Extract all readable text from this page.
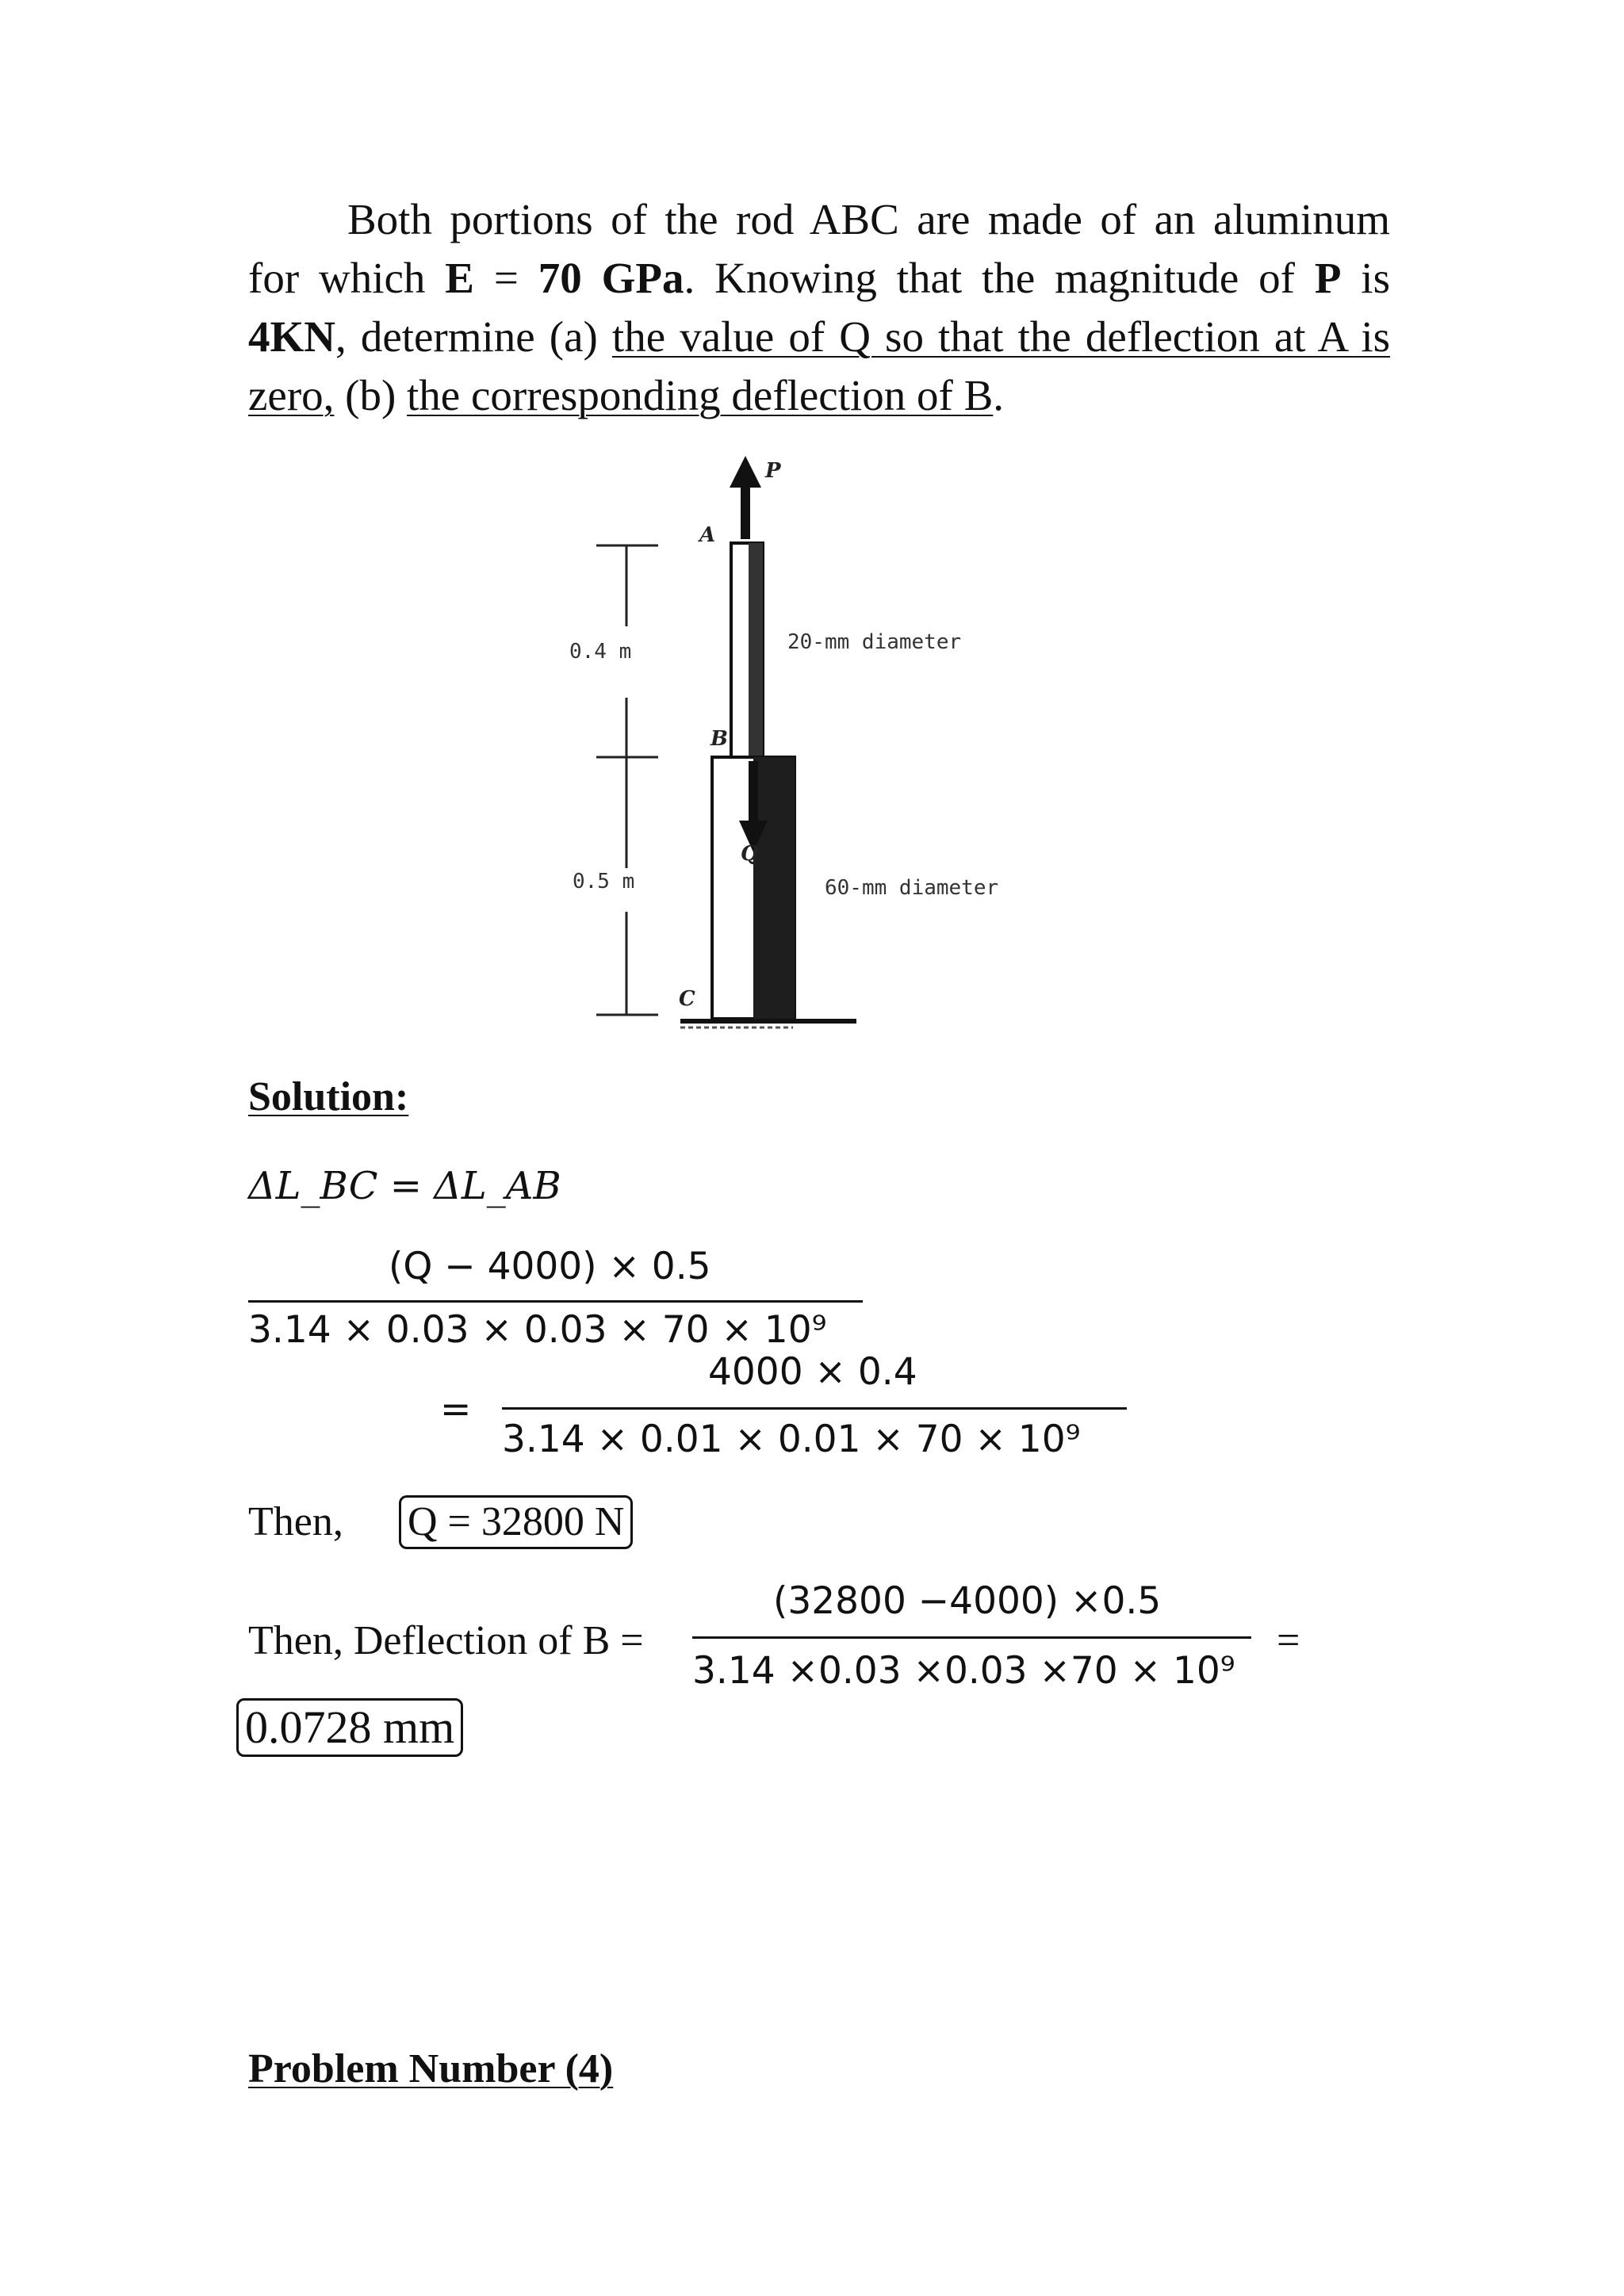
Both portions of the rod ABC are made of an aluminum
for which E = 70 GPa. Knowing that the magnitude of P is
4KN, determine (a) the value of Q so that the deflection at A is
zero, (b) the corresponding deflection of B.
0.4 m
0.5 m
P
A
B
20-mm diameter
Q
60-mm diameter
C
Solution:
ΔL_BC = ΔL_AB
(Q − 4000) × 0.5
3.14 × 0.03 × 0.03 × 70 × 10⁹
=
4000 × 0.4
3.14 × 0.01 × 0.01 × 70 × 10⁹
Then, Q = 32800 N
Then, Deflection of B =
(32800 −4000) ×0.5
3.14 ×0.03 ×0.03 ×70 × 10⁹
=
0.0728 mm
Problem Number (4)
